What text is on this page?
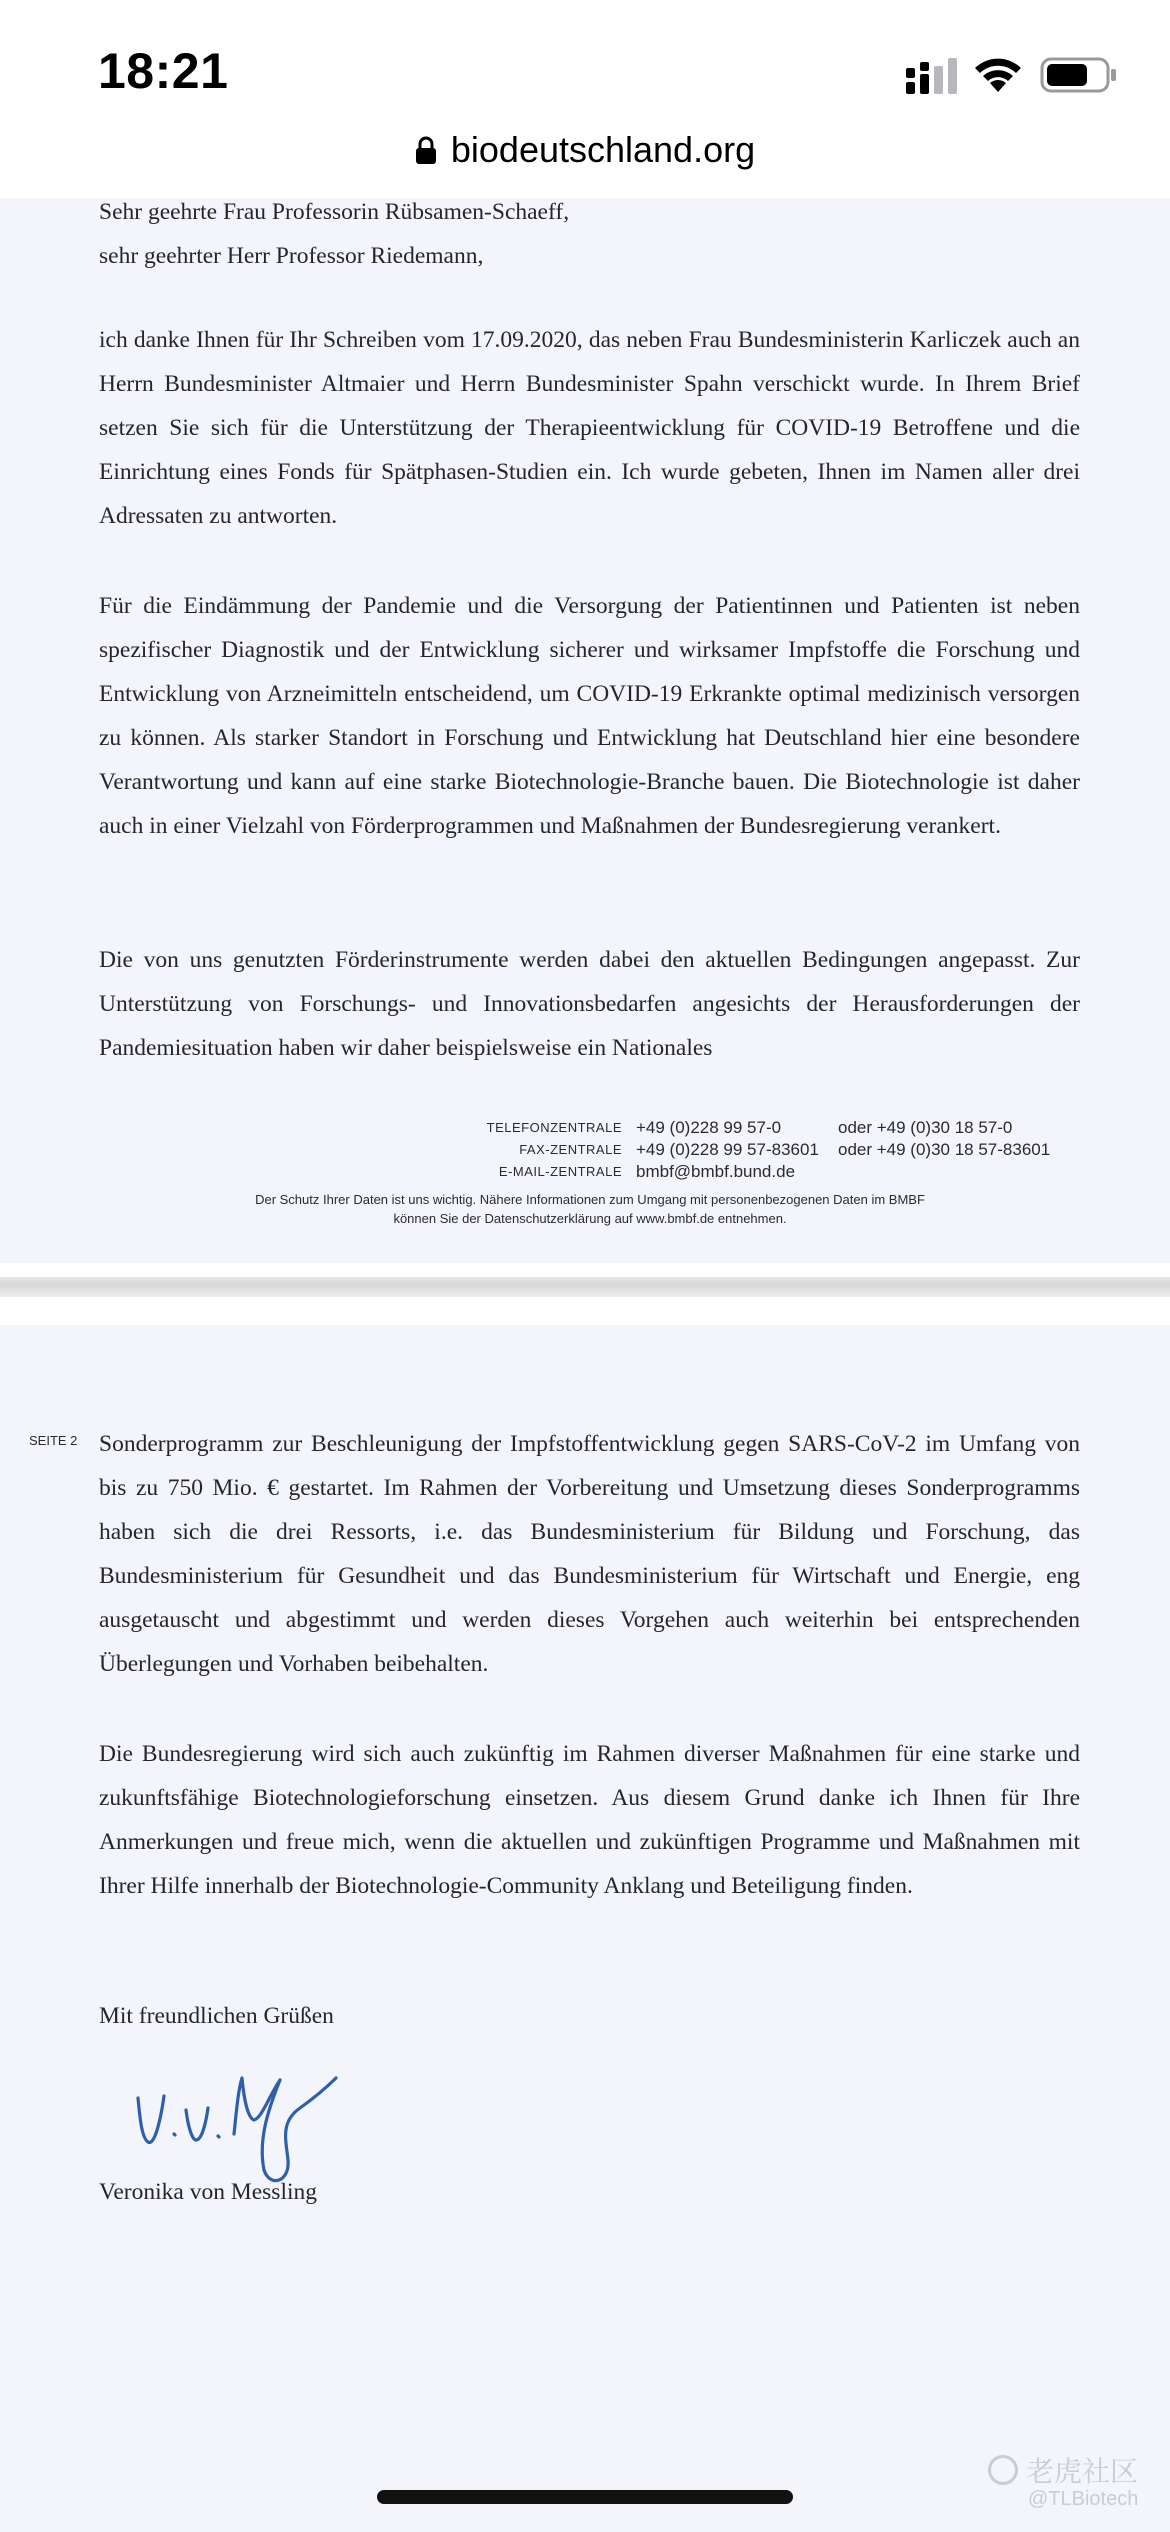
18:21
biodeutschland.org

Sehr geehrte Frau Professorin Rübsamen-Schaeff,

sehr geehrter Herr Professor Riedemann,

ich danke Ihnen für Ihr Schreiben vom 17.09.2020, das neben Frau Bundesministerin Karliczek auch an Herrn Bundesminister Altmaier und Herrn Bundesminister Spahn verschickt wurde. In Ihrem Brief setzen Sie sich für die Unterstützung der Therapieentwicklung für COVID-19 Betroffene und die Einrichtung eines Fonds für Spätphasen-Studien ein. Ich wurde gebeten, Ihnen im Namen aller drei Adressaten zu antworten.

Für die Eindämmung der Pandemie und die Versorgung der Patientinnen und Patienten ist neben spezifischer Diagnostik und der Entwicklung sicherer und wirksamer Impfstoffe die Forschung und Entwicklung von Arzneimitteln entscheidend, um COVID-19 Erkrankte optimal medizinisch versorgen zu können. Als starker Standort in Forschung und Entwicklung hat Deutschland hier eine besondere Verantwortung und kann auf eine starke Biotechnologie-Branche bauen. Die Biotechnologie ist daher auch in einer Vielzahl von Förderprogrammen und Maßnahmen der Bundesregierung verankert.

Die von uns genutzten Förderinstrumente werden dabei den aktuellen Bedingungen angepasst. Zur Unterstützung von Forschungs- und Innovationsbedarfen angesichts der Herausforderungen der Pandemiesituation haben wir daher beispielsweise ein Nationales

TELEFONZENTRALE +49 (0)228 99 57-0	oder +49 (0)30 18 57-0
FAX-ZENTRALE +49 (0)228 99 57-83601	oder +49 (0)30 18 57-83601
E-MAIL-ZENTRALE bmbf@bmbf.bund.de
Der Schutz Ihrer Daten ist uns wichtig. Nähere Informationen zum Umgang mit personenbezogenen Daten im BMBF
können Sie der Datenschutzerklärung auf www.bmbf.de entnehmen.
SEITE 2 Sonderprogramm zur Beschleunigung der Impfstoffentwicklung gegen SARS-CoV-2 im Umfang von bis zu 750 Mio. € gestartet. Im Rahmen der Vorbereitung und Umsetzung dieses Sonderprogramms haben sich die drei Ressorts, i.e. das Bundesministerium für Bildung und Forschung, das Bundesministerium für Gesundheit und das Bundesministerium für Wirtschaft und Energie, eng ausgetauscht und abgestimmt und werden dieses Vorgehen auch weiterhin bei entsprechenden Überlegungen und Vorhaben beibehalten.

Die Bundesregierung wird sich auch zukünftig im Rahmen diverser Maßnahmen für eine starke und zukunftsfähige Biotechnologieforschung einsetzen. Aus diesem Grund danke ich Ihnen für Ihre Anmerkungen und freue mich, wenn die aktuellen und zukünftigen Programme und Maßnahmen mit Ihrer Hilfe innerhalb der Biotechnologie-Community Anklang und Beteiligung finden.

Mit freundlichen Grüßen

Veronika von Messling

老虎社区
@TLBiotech
